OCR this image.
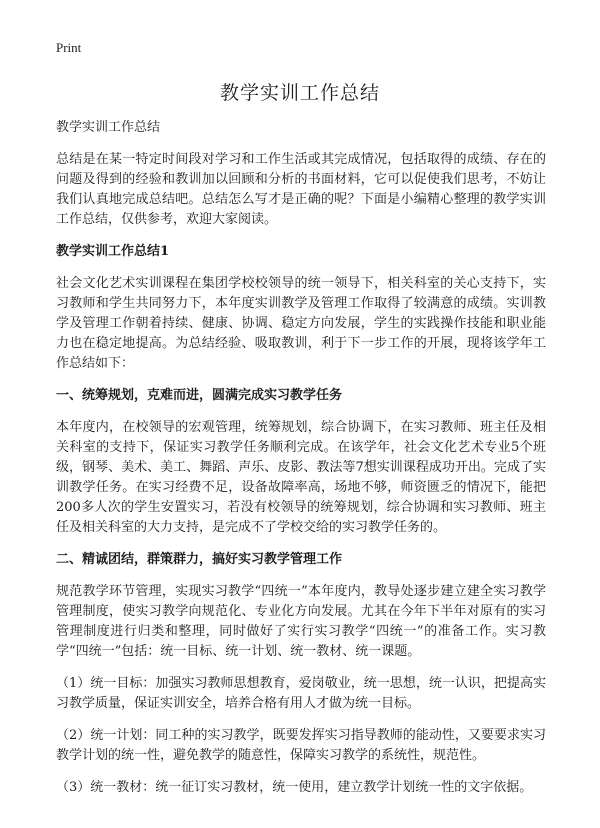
Print
教学实训工作总结

教学实训工作总结

总结是在某一特定时间段对学习和工作生活或其完成情况，包括取得的成绩、存在的问题及得到的经验和教训加以回顾和分析的书面材料，它可以促使我们思考，不妨让我们认真地完成总结吧。总结怎么写才是正确的呢？下面是小编精心整理的教学实训工作总结，仅供参考，欢迎大家阅读。

教学实训工作总结1

社会文化艺术实训课程在集团学校校领导的统一领导下，相关科室的关心支持下，实习教师和学生共同努力下，本年度实训教学及管理工作取得了较满意的成绩。实训教学及管理工作朝着持续、健康、协调、稳定方向发展，学生的实践操作技能和职业能力也在稳定地提高。为总结经验、吸取教训，利于下一步工作的开展，现将该学年工作总结如下：

一、统筹规划，克难而进，圆满完成实习教学任务

本年度内，在校领导的宏观管理，统筹规划，综合协调下，在实习教师、班主任及相关科室的支持下，保证实习教学任务顺利完成。在该学年，社会文化艺术专业5个班级，钢琴、美术、美工、舞蹈、声乐、皮影、教法等7想实训课程成功开出。完成了实训教学任务。在实习经费不足，设备故障率高，场地不够，师资匮乏的情况下，能把200多人次的学生安置实习，若没有校领导的统筹规划，综合协调和实习教师、班主任及相关科室的大力支持，是完成不了学校交给的实习教学任务的。

二、精诚团结，群策群力，搞好实习教学管理工作

规范教学环节管理，实现实习教学“四统一”本年度内，教导处逐步建立建全实习教学管理制度，使实习教学向规范化、专业化方向发展。尤其在今年下半年对原有的实习管理制度进行归类和整理，同时做好了实行实习教学“四统一”的准备工作。实习教学“四统一”包括：统一目标、统一计划、统一教材、统一课题。

（1）统一目标：加强实习教师思想教育，爱岗敬业，统一思想，统一认识，把提高实习教学质量，保证实训安全，培养合格有用人才做为统一目标。

（2）统一计划：同工种的实习教学，既要发挥实习指导教师的能动性，又要要求实习教学计划的统一性，避免教学的随意性，保障实习教学的系统性，规范性。

（3）统一教材：统一征订实习教材，统一使用，建立教学计划统一性的文字依据。
